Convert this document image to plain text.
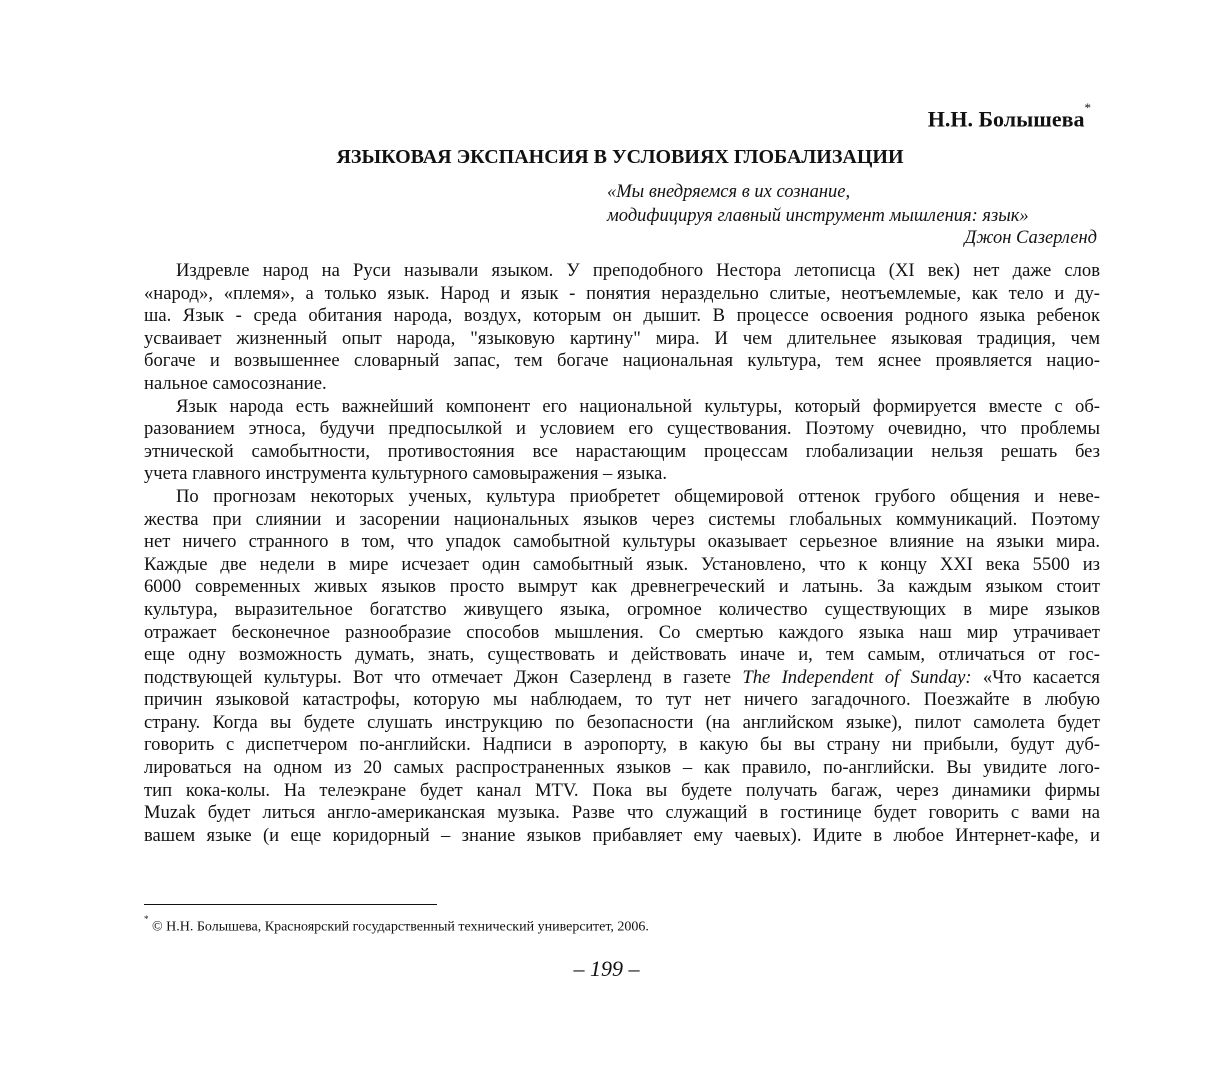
Н.Н. Болышева*
ЯЗЫКОВАЯ ЭКСПАНСИЯ В УСЛОВИЯХ ГЛОБАЛИЗАЦИИ
«Мы внедряемся в их сознание,
модифицируя главный инструмент мышления: язык»
Джон Сазерленд
Издревле народ на Руси называли языком. У преподобного Нестора летописца (XI век) нет даже слов
«народ», «племя», а только язык. Народ и язык - понятия нераздельно слитые, неотъемлемые, как тело и ду-
ша. Язык - среда обитания народа, воздух, которым он дышит. В процессе освоения родного языка ребенок
усваивает жизненный опыт народа, "языковую картину" мира. И чем длительнее языковая традиция, чем
богаче и возвышеннее словарный запас, тем богаче национальная культура, тем яснее проявляется нацио-
нальное самосознание.
Язык народа есть важнейший компонент его национальной культуры, который формируется вместе с об-
разованием этноса, будучи предпосылкой и условием его существования. Поэтому очевидно, что проблемы
этнической самобытности, противостояния все нарастающим процессам глобализации нельзя решать без
учета главного инструмента культурного самовыражения – языка.
По прогнозам некоторых ученых, культура приобретет общемировой оттенок грубого общения и неве-
жества при слиянии и засорении национальных языков через системы глобальных коммуникаций. Поэтому
нет ничего странного в том, что упадок самобытной культуры оказывает серьезное влияние на языки мира.
Каждые две недели в мире исчезает один самобытный язык. Установлено, что к концу XXI века 5500 из
6000 современных живых языков просто вымрут как древнегреческий и латынь. За каждым языком стоит
культура, выразительное богатство живущего языка, огромное количество существующих в мире языков
отражает бесконечное разнообразие способов мышления. Со смертью каждого языка наш мир утрачивает
еще одну возможность думать, знать, существовать и действовать иначе и, тем самым, отличаться от гос-
подствующей культуры. Вот что отмечает Джон Сазерленд в газете The Independent of Sunday: «Что касается
причин языковой катастрофы, которую мы наблюдаем, то тут нет ничего загадочного. Поезжайте в любую
страну. Когда вы будете слушать инструкцию по безопасности (на английском языке), пилот самолета будет
говорить с диспетчером по-английски. Надписи в аэропорту, в какую бы вы страну ни прибыли, будут дуб-
лироваться на одном из 20 самых распространенных языков – как правило, по-английски. Вы увидите лого-
тип кока-колы. На телеэкране будет канал MTV. Пока вы будете получать багаж, через динамики фирмы
Muzak будет литься англо-американская музыка. Разве что служащий в гостинице будет говорить с вами на
вашем языке (и еще коридорный – знание языков прибавляет ему чаевых). Идите в любое Интернет-кафе, и
* © Н.Н. Болышева, Красноярский государственный технический университет, 2006.
– 199 –
